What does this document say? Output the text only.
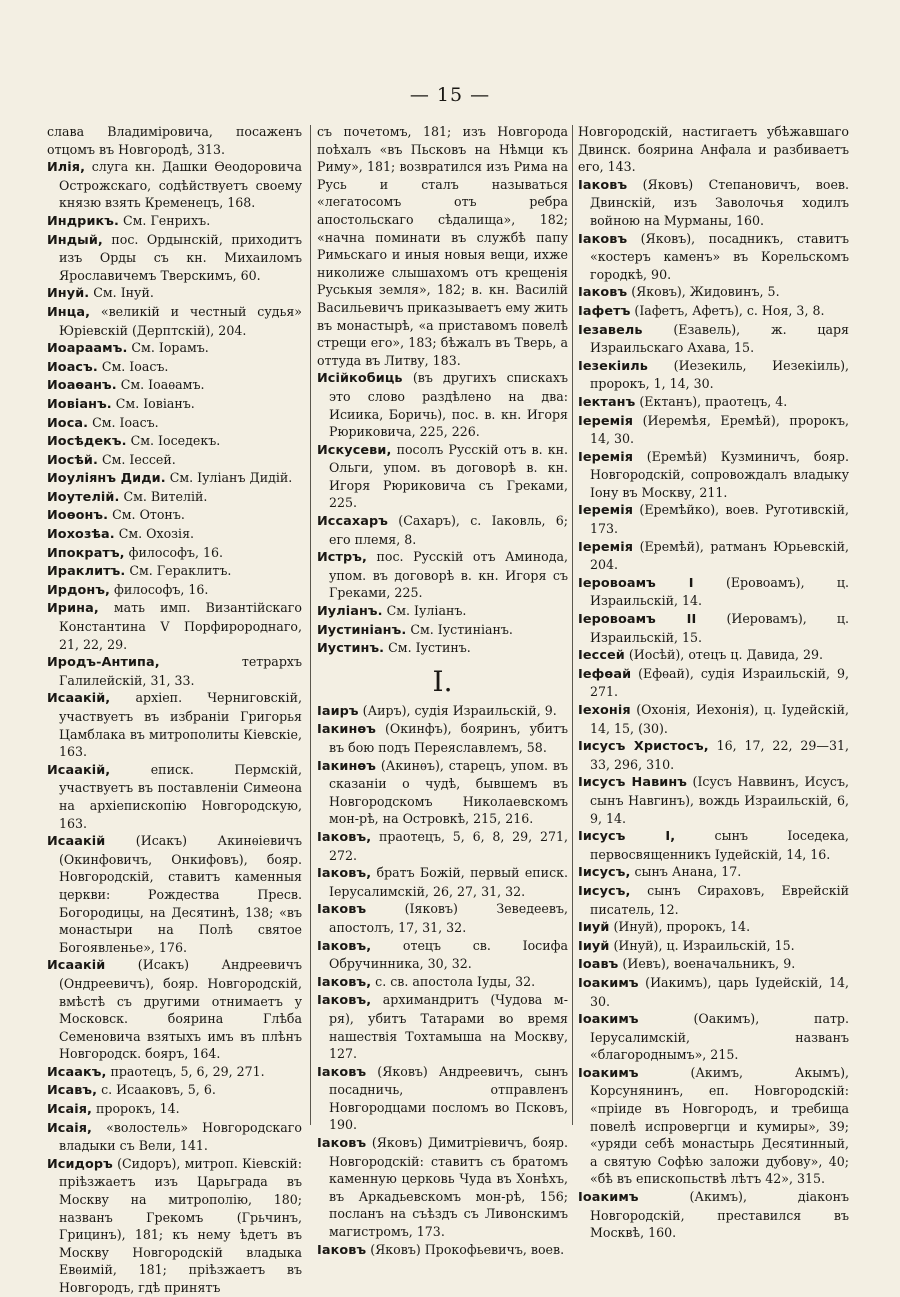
— 15 —

слава Владиміровича, посаженъ отцомъ въ Новгородѣ, 313.

Илія, слуга кн. Дашки Ѳеодоровича Острожскаго, содѣйствуетъ своему князю взять Кременецъ, 168.

Индрикъ. См. Генрихъ.

Индый, пос. Ордынскій, приходитъ изъ Орды съ кн. Михаиломъ Ярославичемъ Тверскимъ, 60.

Инуй. См. Інуй.

Инца, «великій и честный судья» Юріевскій (Дерптскій), 204.

Иоараамъ. См. Іорамъ.

Иоасъ. См. Іоасъ.

Иоаѳанъ. См. Іоаѳамъ.

Иовіанъ. См. Іовіанъ.

Иоса. См. Іоасъ.

Иосѣдекъ. См. Іоседекъ.

Иосѣй. См. Іессей.

Иоуліянъ Диди. См. Іуліанъ Дидій.

Иоутелій. См. Вителій.

Иоѳонъ. См. Отонъ.

Иохозѣа. См. Охозія.

Ипократъ, философъ, 16.

Ираклитъ. См. Гераклитъ.

Ирдонъ, философъ, 16.

Ирина, мать имп. Византійскаго Константина V Порфиророднаго, 21, 22, 29.

Иродъ-Антипа,	тетрархъ Галилейскій, 31, 33.

Исаакій, архіеп. Черниговскій, участвуетъ въ избраніи Григорья Цамблака въ митрополиты Кіевскіе, 163.

Исаакій,	еписк. Пермскій, участвуетъ въ поставленіи Симеона на архіепископію Новгородскую, 163.

Исаакій (Исакъ) Акинѳіевичъ (Окинфовичъ, Онкифовъ), бояр. Новгородскій, ставитъ каменныя церкви: Рождества Пресв. Богородицы, на Десятинѣ, 138; «въ монастыри на Полѣ святое Богоявленье», 176.

Исаакій	(Исакъ) Андреевичъ (Ондреевичъ), бояр. Новгородскій, вмѣстѣ съ другими отнимаетъ у Московск. боярина Глѣба Семеновича взятыхъ имъ въ плѣнъ Новгородск. бояръ, 164.

Исаакъ, праотецъ, 5, 6, 29, 271.

Исавъ, с. Исааковъ, 5, 6.

Исаія, пророкъ, 14.

Исаія, «волостель» Новгородскаго владыки съ Вели, 141.

Исидоръ (Сидоръ), митроп. Кіевскій: пріѣзжаетъ изъ Царьграда въ Москву на митрополію, 180; названъ Грекомъ (Грьчинъ, Грицинъ), 181; къ нему ѣдетъ въ Москву Новгородскій владыка Евѳимій, 181; пріѣзжаетъ въ Новгородъ, гдѣ принятъ

съ почетомъ, 181; изъ Новгорода поѣхалъ «въ Пьсковъ на Нѣмци къ Риму», 181; возвратился изъ Рима на Русь и сталъ называться «легатосомъ отъ ребра апостольскаго сѣдалища», 182; «начна поминати въ службѣ папу Римьскаго и иныя новыя вещи, ихже николиже слышахомъ отъ крещенія Руськыя земля», 182; в. кн. Василій Васильевичъ приказываетъ ему жить въ монастырѣ, «а приставомъ повелѣ стрещи его», 183; бѣжалъ въ Тверь, а оттуда въ Литву, 183.

Исійкобиць (въ другихъ спискахъ это слово раздѣлено на два: Исиика, Боричь), пос. в. кн. Игоря Рюриковича, 225, 226.

Искусеви, посолъ Русскій отъ в. кн. Ольги, упом. въ договорѣ в. кн. Игоря Рюриковича съ Греками, 225.

Иссахаръ (Сахаръ), с. Іаковль, 6; его племя, 8.

Истръ, пос. Русскій отъ Аминода, упом. въ договорѣ в. кн. Игоря съ Греками, 225.

Иуліанъ. См. Іуліанъ.

Иустиніанъ. См. Іустиніанъ.

Иустинъ. См. Іустинъ.

І.

Іаиръ (Аиръ), судія Израильскій, 9.

Іакинѳъ (Окинфъ), бояринъ, убитъ въ бою подъ Переяславлемъ, 58.

Іакинѳъ (Акинѳъ), старецъ, упом. въ сказаніи о чудѣ, бывшемъ въ Новгородскомъ Николаевскомъ мон-рѣ, на Островкѣ, 215, 216.

Іаковъ, праотецъ, 5, 6, 8, 29, 271, 272.

Іаковъ, братъ Божій, первый еписк. Іерусалимскій, 26, 27, 31, 32.

Іаковъ	(Іяковъ) Зеведеевъ, апостолъ, 17, 31, 32.

Іаковъ,	отецъ св. Іосифа Обручинника, 30, 32.

Іаковъ, с. св. апостола Іуды, 32.

Іаковъ, архимандритъ (Чудова м-ря), убитъ Татарами во время нашествія Тохтамыша на Москву, 127.

Іаковъ (Яковъ) Андреевичъ, сынъ посадничь, отправленъ Новгородцами посломъ во Псковъ, 190.

Іаковъ (Яковъ) Димитріевичъ, бояр. Новгородскій: ставитъ съ братомъ каменную церковь Чуда въ Хонѣхъ, въ Аркадьевскомъ мон-рѣ, 156; посланъ на съѣздъ съ Ливонскимъ магистромъ, 173.

Іаковъ (Яковъ) Прокофьевичъ, воев.

Новгородскій, настигаетъ убѣжавшаго Двинск. боярина Анфала и разбиваетъ его, 143.

Іаковъ (Яковъ) Степановичъ, воев. Двинскій, изъ Заволочья ходилъ войною на Мурманы, 160.

Іаковъ (Яковъ), посадникъ, ставитъ «костеръ каменъ» въ Корельскомъ городкѣ, 90.

Іаковъ (Яковъ), Жидовинъ, 5.

Іафетъ (Іафетъ, Афетъ), с. Ноя, 3, 8.

Іезавель (Езавель), ж. царя Израильскаго Ахава, 15.

Іезекіиль (Иезекиль, Иезекіиль), пророкъ, 1, 14, 30.

Іектанъ (Ектанъ), праотецъ, 4.

Іеремія (Иеремѣя, Еремѣй), пророкъ, 14, 30.

Іеремія (Еремѣй) Кузминичъ, бояр. Новгородскій, сопровождалъ владыку Іону въ Москву, 211.

Іеремія (Еремѣйко), воев. Руготивскій, 173.

Іеремія (Еремѣй), ратманъ Юрьевскій, 204.

Іеровоамъ I	(Еровоамъ), ц. Израильскій, 14.

Іеровоамъ II (Иеровамъ), ц. Израильскій, 15.

Іессей (Иосѣй), отецъ ц. Давида, 29.

Іефѳай (Ефѳай), судія Израильскій, 9, 271.

Іехонія (Охонія, Иехонія), ц. Іудейскій, 14, 15, (30).

Іисусъ Христосъ, 16, 17, 22, 29—31, 33, 296, 310.

Іисусъ Навинъ (Ісусъ Наввинъ, Исусъ, сынъ Навгинъ), вождь Израильскій, 6, 9, 14.

Іисусъ I,	сынъ Іоседека, первосвященникъ Іудейскій, 14, 16.

Іисусъ, сынъ Анана, 17.

Іисусъ, сынъ Сираховъ, Еврейскій писатель, 12.

Іиуй (Инуй), пророкъ, 14.

Іиуй (Инуй), ц. Израильскій, 15.

Іоавъ (Иевъ), военачальникъ, 9.

Іоакимъ (Иакимъ), царь Іудейскій, 14, 30.

Іоакимъ	(Оакимъ), патр. Іерусалимскій, названъ «благороднымъ», 215.

Іоакимъ	(Акимъ, Акымъ), Корсунянинъ, еп. Новгородскій: «пріиде въ Новгородъ, и требища повелѣ испровергци и кумиры», 39; «уряди себѣ монастырь Десятинный, а святую Софѣю заложи дубову», 40; «бѣ въ епископьствѣ лѣтъ 42», 315.

Іоакимъ	(Акимъ), діаконъ Новгородскій, преставился въ Москвѣ, 160.
